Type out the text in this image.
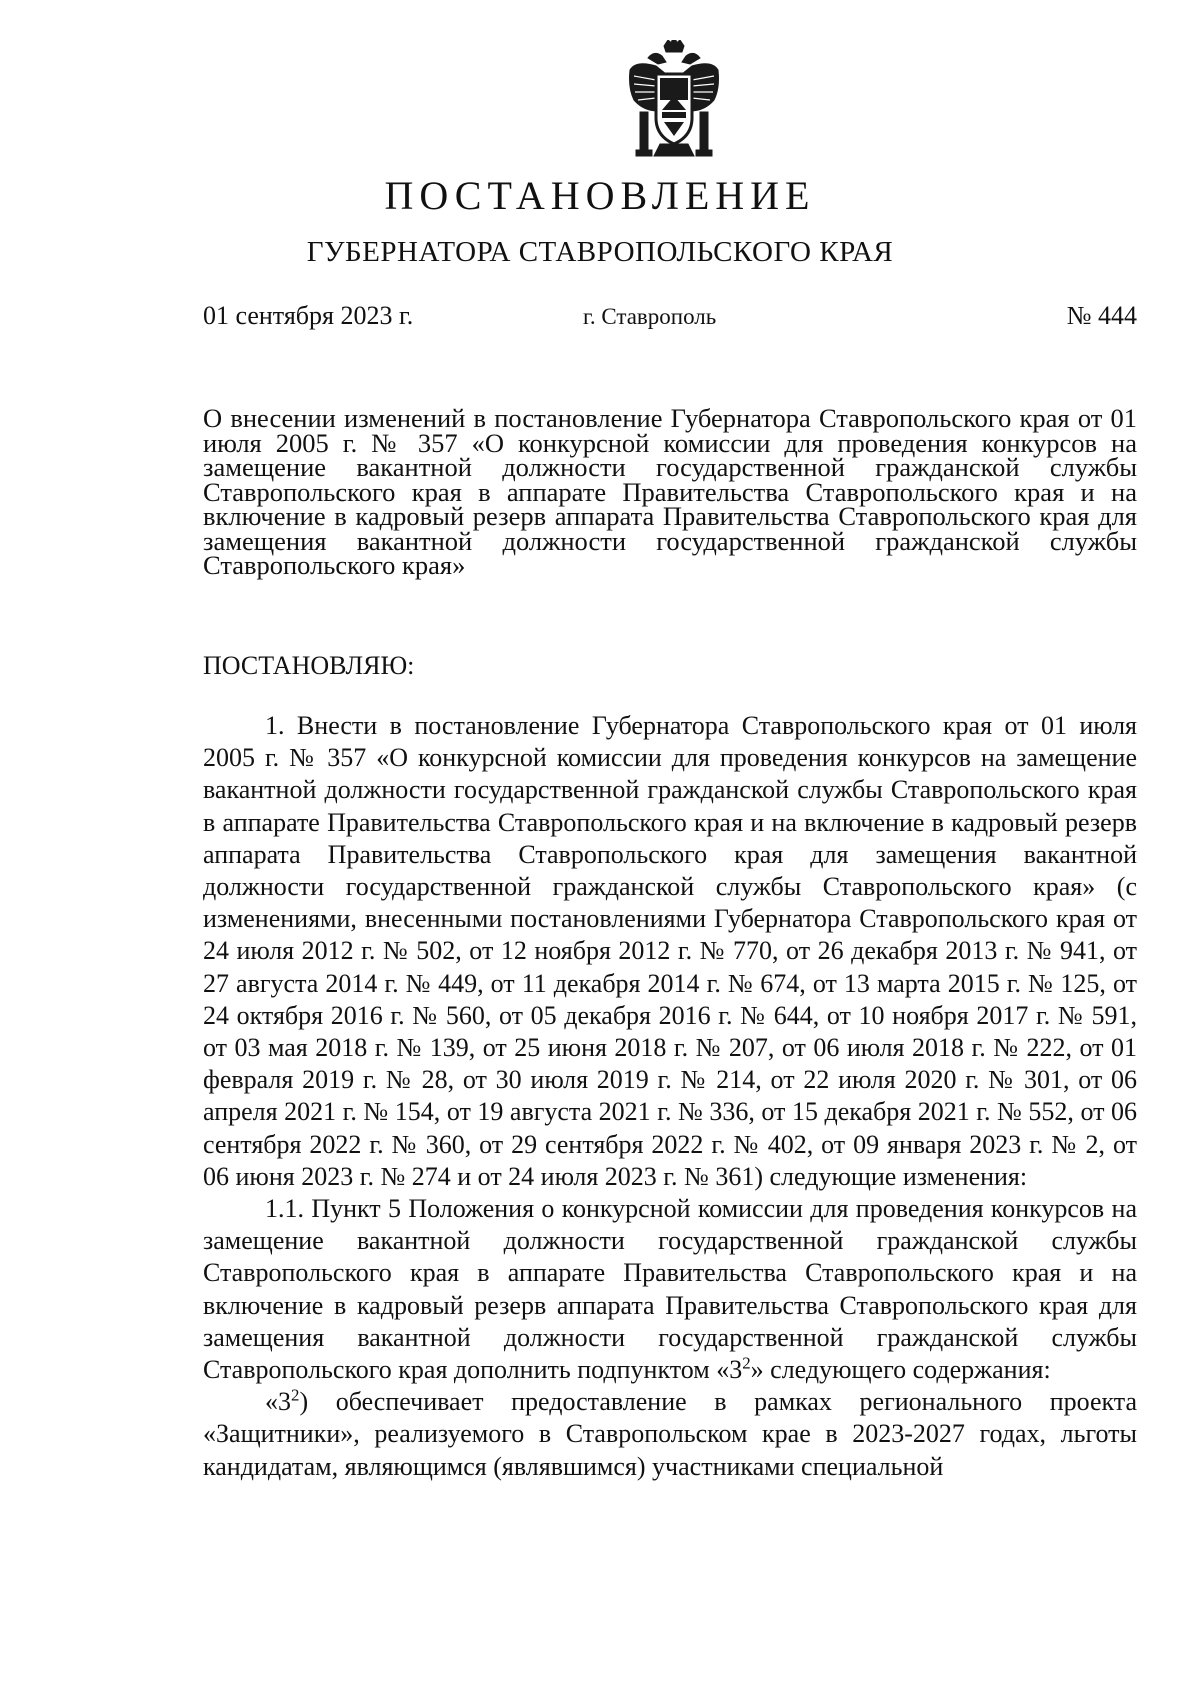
ПОСТАНОВЛЕНИЕ
ГУБЕРНАТОРА СТАВРОПОЛЬСКОГО КРАЯ
01 сентября 2023 г.	г. Ставрополь	№ 444
О внесении изменений в постановление Губернатора Ставропольского края от 01 июля 2005 г. № 357 «О конкурсной комиссии для проведения конкурсов на замещение вакантной должности государственной гражданской службы Ставропольского края в аппарате Правительства Ставропольского края и на включение в кадровый резерв аппарата Правительства Ставропольского края для замещения вакантной должности государственной гражданской службы Ставропольского края»
ПОСТАНОВЛЯЮ:

1. Внести в постановление Губернатора Ставропольского края от 01 июля 2005 г. № 357 «О конкурсной комиссии для проведения конкурсов на замещение вакантной должности государственной гражданской службы Ставропольского края в аппарате Правительства Ставропольского края и на включение в кадровый резерв аппарата Правительства Ставропольского края для замещения вакантной должности государственной гражданской службы Ставропольского края» (с изменениями, внесенными постановлениями Губернатора Ставропольского края от 24 июля 2012 г. № 502, от 12 ноября 2012 г. № 770, от 26 декабря 2013 г. № 941, от 27 августа 2014 г. № 449, от 11 декабря 2014 г. № 674, от 13 марта 2015 г. № 125, от 24 октября 2016 г. № 560, от 05 декабря 2016 г. № 644, от 10 ноября 2017 г. № 591, от 03 мая 2018 г. № 139, от 25 июня 2018 г. № 207, от 06 июля 2018 г. № 222, от 01 февраля 2019 г. № 28, от 30 июля 2019 г. № 214, от 22 июля 2020 г. № 301, от 06 апреля 2021 г. № 154, от 19 августа 2021 г. № 336, от 15 декабря 2021 г. № 552, от 06 сентября 2022 г. № 360, от 29 сентября 2022 г. № 402, от 09 января 2023 г. № 2, от 06 июня 2023 г. № 274 и от 24 июля 2023 г. № 361) следующие изменения:

1.1. Пункт 5 Положения о конкурсной комиссии для проведения конкурсов на замещение вакантной должности государственной гражданской службы Ставропольского края в аппарате Правительства Ставропольского края и на включение в кадровый резерв аппарата Правительства Ставропольского края для замещения вакантной должности государственной гражданской службы Ставропольского края дополнить подпунктом «$3^2$» следующего содержания:

«$3^2$) обеспечивает предоставление в рамках регионального проекта «Защитники», реализуемого в Ставропольском крае в 2023-2027 годах, льготы кандидатам, являющимся (являвшимся) участниками специальной
